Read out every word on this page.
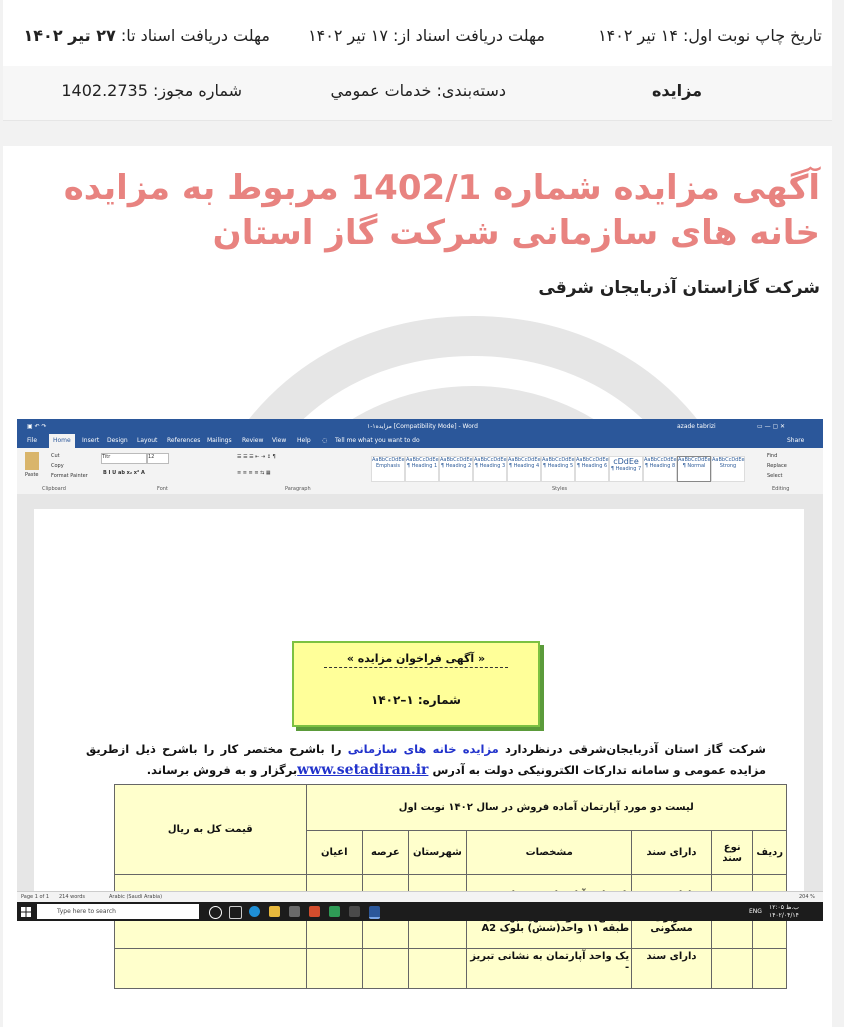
تاریخ چاپ نوبت اول: ۱۴ تیر ۱۴۰۲
مهلت دریافت اسناد از: ۱۷ تیر ۱۴۰۲
مهلت دریافت اسناد تا: ۲۷ تیر ۱۴۰۲
مزایده
دسته‌بندی: خدمات عمومي
شماره مجوز: 1402.2735
آگهی مزایده شماره 1402/1 مربوط به مزایده خانه های سازمانی شرکت گاز استان
شرکت گازاستان آذربایجان شرقی
▣ ↶ ↷	مزایده۱-۱ [Compatibility Mode] - Word	azade tabrizi	▭ — ▢ ✕
File	Home	Insert Design Layout References Mailings Review View Help ◌ Tell me what you want to do	Share
Paste
Cut
Copy
Format Painter
Clipboard
Titr	12
B I U ab x₂ x² A
Font
☰ ☰ ☰ ⇤ ⇥ ↕ ¶
≡ ≡ ≡ ≡ ⇆ ▦
Paragraph
AaBbCcDdEe
Emphasis
AaBbCcDdEe
¶ Heading 1
AaBbCcDdEe
¶ Heading 2
AaBbCcDdEe
¶ Heading 3
AaBbCcDdEe
¶ Heading 4
AaBbCcDdEe
¶ Heading 5
AaBbCcDdEe
¶ Heading 6 cDdEe
¶ Heading 7
AaBbCcDdEe
¶ Heading 8
AaBbCcDdEe
¶ Normal
AaBbCcDdEe
Strong
Styles
Find
Replace
Select
Editing
« آگهی فراخوان مزایده »
شماره: ۱–۱۴۰۲
شرکت گاز استان آذربایجان‌شرقی درنظردارد مزایده خانه های سازمانی را باشرح مختصر کار را باشرح ذیل ازطریق مزایده عمومی و سامانه تدارکات الکترونیکی دولت به آدرس www.setadiran.irبرگزار و به فروش برساند.
لیست دو مورد آپارتمان آماده فروش در سال ۱۴۰۲ نوبت اول							قیمت کل به ریال
ردیف	نوع سند	دارای سند	مشخصات	شهرستان	عرصه	اعیان	
		مسکونی	طبقه ۱۱ واحد(شش) بلوک A2				
		دارای سند	یک واحد آپارتمان به نشانی تبریز -				
Page 1 of 1 214 words	Arabic (Saudi Arabia)	204 %
Type here to search	ENG
۱۲:۰۵ ب.ظ
۱۴۰۲/۰۴/۱۴
